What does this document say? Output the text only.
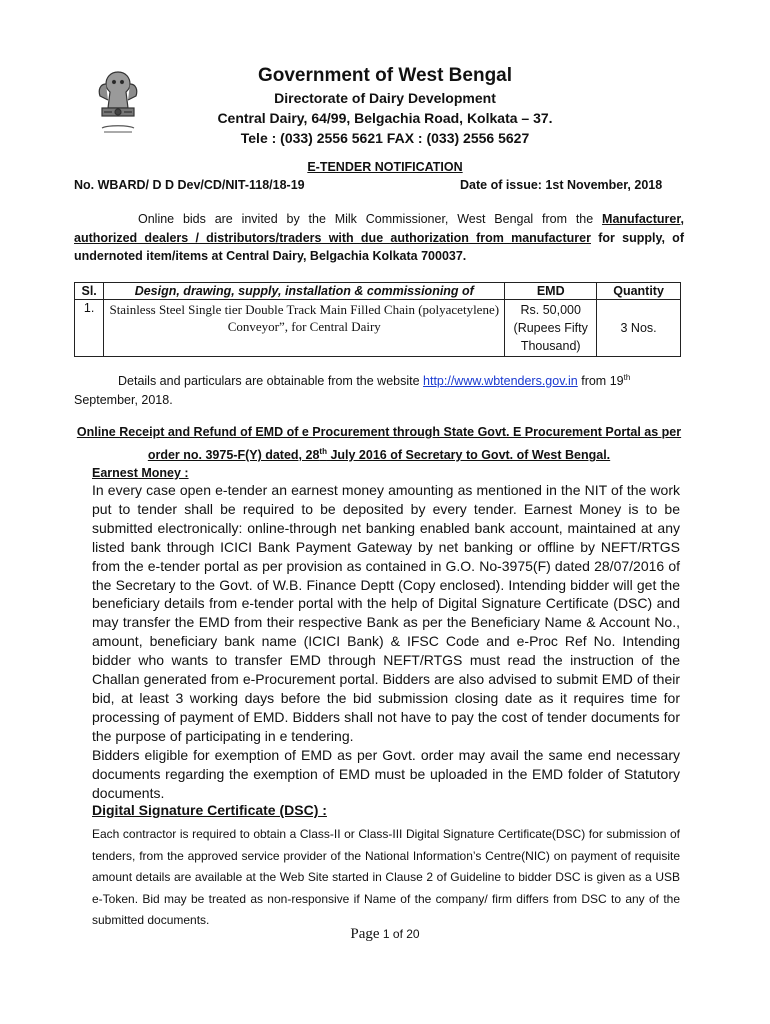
Government of West Bengal
Directorate of Dairy Development
Central Dairy, 64/99, Belgachia Road, Kolkata – 37.
Tele : (033) 2556 5621 FAX : (033) 2556 5627
E-TENDER NOTIFICATION
No. WBARD/ D D Dev/CD/NIT-118/18-19	Date of issue: 1st November, 2018
Online bids are invited by the Milk Commissioner, West Bengal from the Manufacturer, authorized dealers / distributors/traders with due authorization from manufacturer for supply, of undernoted item/items at Central Dairy, Belgachia Kolkata 700037.
Sl.	Design, drawing, supply, installation & commissioning of	EMD	Quantity
1.	Stainless Steel Single tier Double Track Main Filled Chain (polyacetylene) Conveyor”, for Central Dairy	Rs. 50,000
(Rupees Fifty
Thousand)	3 Nos.
Details and particulars are obtainable from the website http://www.wbtenders.gov.in from 19th September, 2018.
Online Receipt and Refund of EMD of e Procurement through State Govt. E Procurement Portal as per order no. 3975-F(Y) dated, 28th July 2016 of Secretary to Govt. of West Bengal.
Earnest Money :

In every case open e-tender an earnest money amounting as mentioned in the NIT of the work put to tender shall be required to be deposited by every tender. Earnest Money is to be submitted electronically: online-through net banking enabled bank account, maintained at any listed bank through ICICI Bank Payment Gateway by net banking or offline by NEFT/RTGS from the e-tender portal as per provision as contained in G.O. No-3975(F) dated 28/07/2016 of the Secretary to the Govt. of W.B. Finance Deptt (Copy enclosed). Intending bidder will get the beneficiary details from e-tender portal with the help of Digital Signature Certificate (DSC) and may transfer the EMD from their respective Bank as per the Beneficiary Name & Account No., amount, beneficiary bank name (ICICI Bank) & IFSC Code and e-Proc Ref No. Intending bidder who wants to transfer EMD through NEFT/RTGS must read the instruction of the Challan generated from e-Procurement portal. Bidders are also advised to submit EMD of their bid, at least 3 working days before the bid submission closing date as it requires time for processing of payment of EMD. Bidders shall not have to pay the cost of tender documents for the purpose of participating in e tendering.

Bidders eligible for exemption of EMD as per Govt. order may avail the same end necessary documents regarding the exemption of EMD must be uploaded in the EMD folder of Statutory documents.

Digital Signature Certificate (DSC) :
Each contractor is required to obtain a Class-II or Class-III Digital Signature Certificate(DSC) for submission of tenders, from the approved service provider of the National Information’s Centre(NIC) on payment of requisite amount details are available at the Web Site started in Clause 2 of Guideline to bidder DSC is given as a USB e-Token. Bid may be treated as non-responsive if Name of the company/ firm differs from DSC to any of the submitted documents.
Page 1 of 20
